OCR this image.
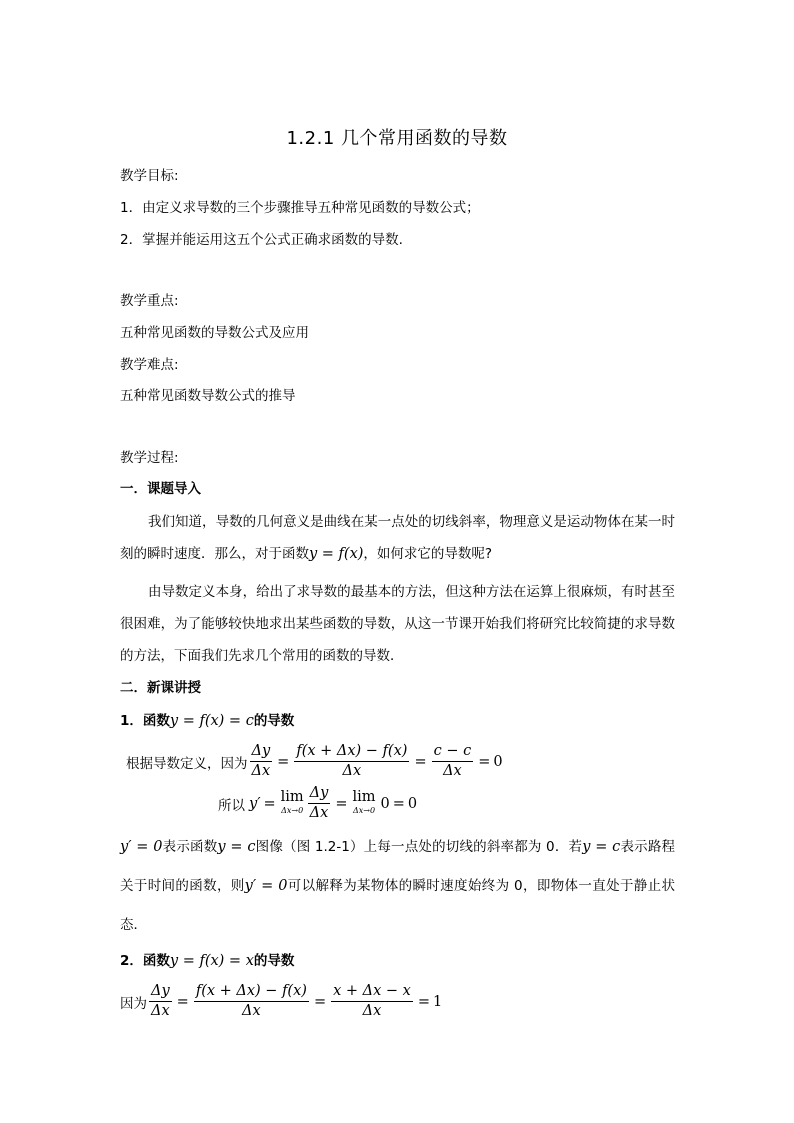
1.2.1 几个常用函数的导数
教学目标:
1．由定义求导数的三个步骤推导五种常见函数的导数公式；
2．掌握并能运用这五个公式正确求函数的导数.
教学重点:
五种常见函数的导数公式及应用
教学难点:
五种常见函数导数公式的推导
教学过程:
一．课题导入
我们知道，导数的几何意义是曲线在某一点处的切线斜率，物理意义是运动物体在某一时刻的瞬时速度．那么，对于函数y = f(x)，如何求它的导数呢?
由导数定义本身，给出了求导数的最基本的方法，但这种方法在运算上很麻烦，有时甚至很困难，为了能够较快地求出某些函数的导数，从这一节课开始我们将研究比较简捷的求导数的方法，下面我们先求几个常用的函数的导数．
二．新课讲授
1．函数y = f(x) = c的导数
根据导数定义，因为 $\frac{\Delta y}{\Delta x} = \frac{f(x + \Delta x) - f(x)}{\Delta x} = \frac{c - c}{\Delta x} = 0$
所以 y′ = lim
$\Delta x\to 0 \frac{\Delta y}{\Delta x} = \lim$
Δx→0 0 = 0
y′ = 0表示函数y = c图像（图 1.2-1）上每一点处的切线的斜率都为 0．若y = c表示路程关于时间的函数，则y′ = 0可以解释为某物体的瞬时速度始终为 0，即物体一直处于静止状态．
2．函数y = f(x) = x的导数
因为 $\frac{\Delta y}{\Delta x} = \frac{f(x + \Delta x) - f(x)}{\Delta x} = \frac{x + \Delta x - x}{\Delta x} = 1$
